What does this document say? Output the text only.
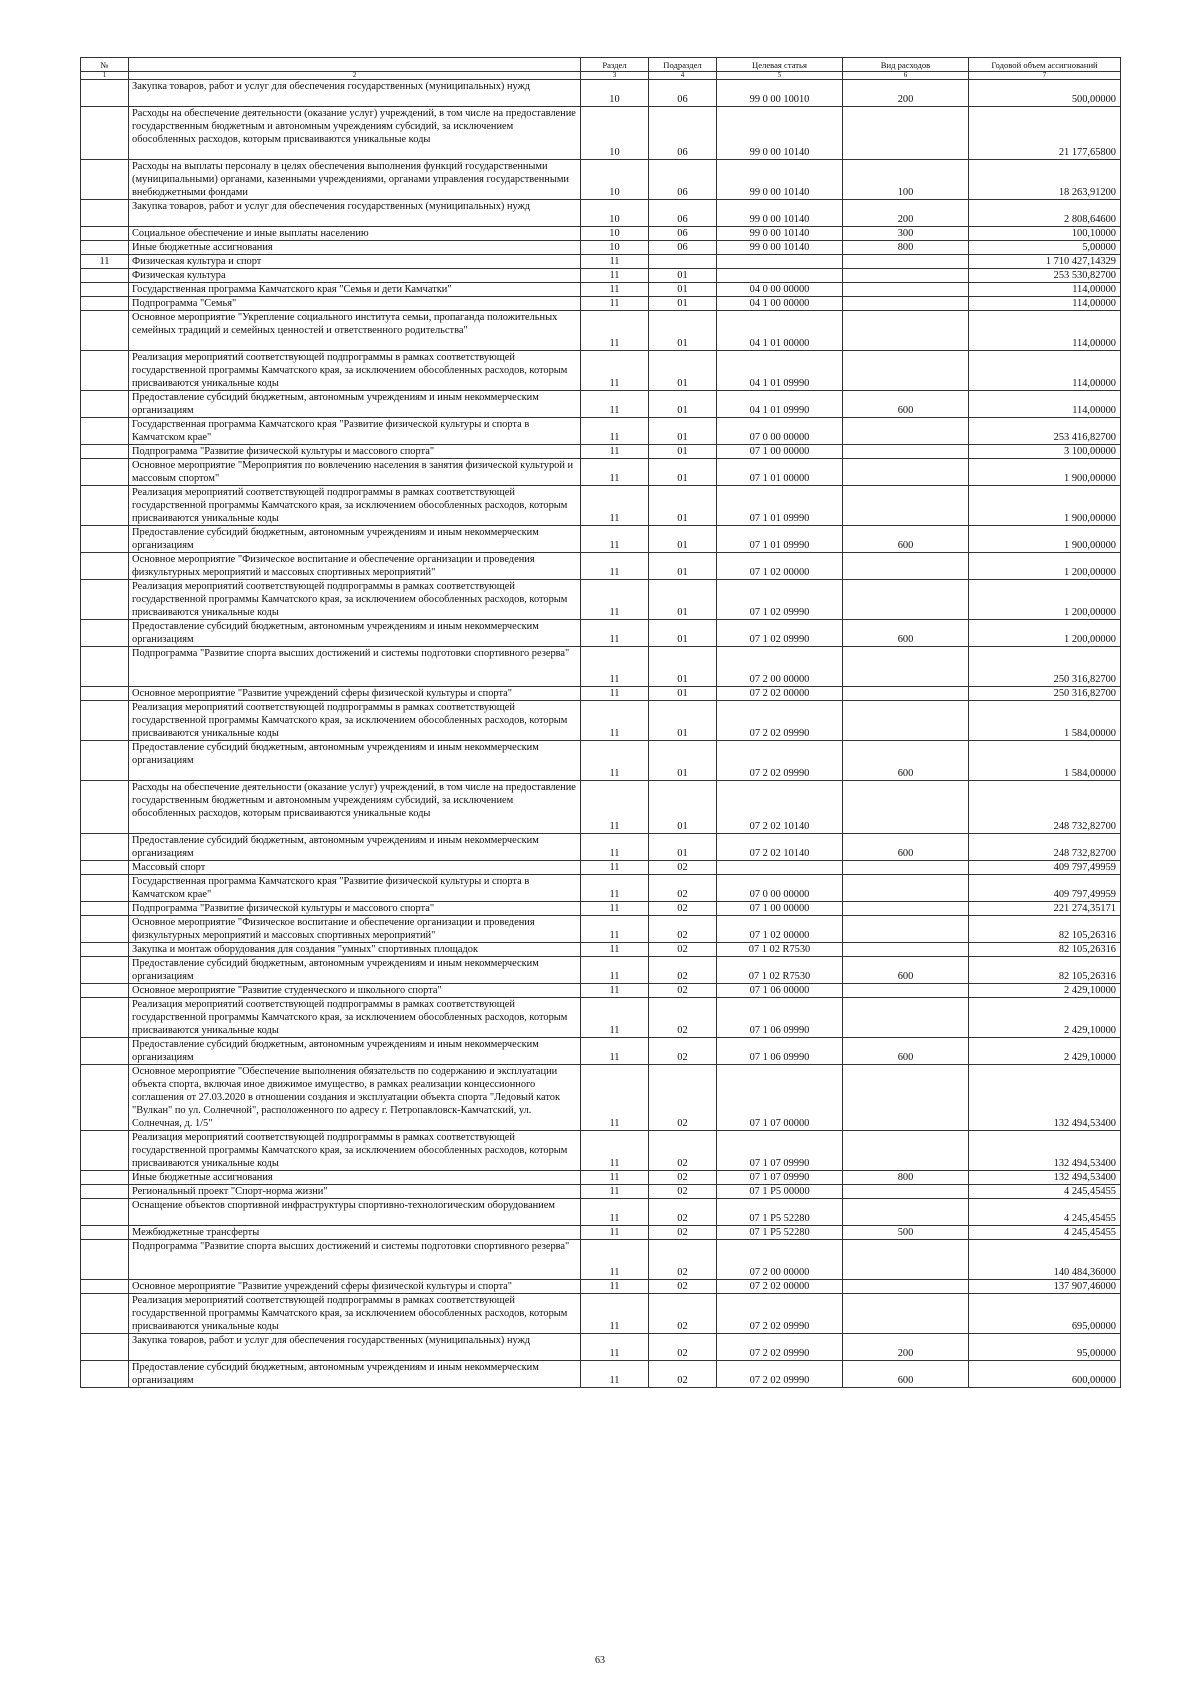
№		Раздел	Подраздел	Целевая статья	Вид расходов	Годовой объем ассигнований
1	2	3	4	5	6	7
	Закупка товаров, работ и услуг для обеспечения государственных (муниципальных) нужд	10	06	99 0 00 10010	200	500,00000
	Расходы на обеспечение деятельности (оказание услуг) учреждений, в том числе на предоставление государственным бюджетным и автономным учреждениям субсидий, за исключением обособленных расходов, которым присваиваются уникальные коды	10	06	99 0 00 10140		21 177,65800
	Расходы на выплаты персоналу в целях обеспечения выполнения функций государственными (муниципальными) органами, казенными учреждениями, органами управления государственными внебюджетными фондами	10	06	99 0 00 10140	100	18 263,91200
	Закупка товаров, работ и услуг для обеспечения государственных (муниципальных) нужд	10	06	99 0 00 10140	200	2 808,64600
	Социальное обеспечение и иные выплаты населению	10	06	99 0 00 10140	300	100,10000
	Иные бюджетные ассигнования	10	06	99 0 00 10140	800	5,00000
11	Физическая культура и спорт	11				1 710 427,14329
	Физическая культура	11	01			253 530,82700
	Государственная программа Камчатского края "Семья и дети Камчатки"	11	01	04 0 00 00000		114,00000
	Подпрограмма "Семья"	11	01	04 1 00 00000		114,00000
	Основное мероприятие "Укрепление социального института семьи, пропаганда положительных семейных традиций и семейных ценностей и ответственного родительства"	11	01	04 1 01 00000		114,00000
	Реализация мероприятий соответствующей подпрограммы в рамках соответствующей государственной программы Камчатского края, за исключением обособленных расходов, которым присваиваются уникальные коды	11	01	04 1 01 09990		114,00000
	Предоставление субсидий бюджетным, автономным учреждениям и иным некоммерческим организациям	11	01	04 1 01 09990	600	114,00000
	Государственная программа Камчатского края "Развитие физической культуры и спорта в Камчатском крае"	11	01	07 0 00 00000		253 416,82700
	Подпрограмма "Развитие физической культуры и массового спорта"	11	01	07 1 00 00000		3 100,00000
	Основное мероприятие "Мероприятия по вовлечению населения в занятия физической культурой и массовым спортом"	11	01	07 1 01 00000		1 900,00000
	Реализация мероприятий соответствующей подпрограммы в рамках соответствующей государственной программы Камчатского края, за исключением обособленных расходов, которым присваиваются уникальные коды	11	01	07 1 01 09990		1 900,00000
	Предоставление субсидий бюджетным, автономным учреждениям и иным некоммерческим организациям	11	01	07 1 01 09990	600	1 900,00000
	Основное мероприятие "Физическое воспитание и обеспечение организации и проведения физкультурных мероприятий и массовых спортивных мероприятий"	11	01	07 1 02 00000		1 200,00000
	Реализация мероприятий соответствующей подпрограммы в рамках соответствующей государственной программы Камчатского края, за исключением обособленных расходов, которым присваиваются уникальные коды	11	01	07 1 02 09990		1 200,00000
	Предоставление субсидий бюджетным, автономным учреждениям и иным некоммерческим организациям	11	01	07 1 02 09990	600	1 200,00000
	Подпрограмма "Развитие спорта высших достижений и системы подготовки спортивного резерва"	11	01	07 2 00 00000		250 316,82700
	Основное мероприятие "Развитие учреждений сферы физической культуры и спорта"	11	01	07 2 02 00000		250 316,82700
	Реализация мероприятий соответствующей подпрограммы в рамках соответствующей государственной программы Камчатского края, за исключением обособленных расходов, которым присваиваются уникальные коды	11	01	07 2 02 09990		1 584,00000
	Предоставление субсидий бюджетным, автономным учреждениям и иным некоммерческим организациям	11	01	07 2 02 09990	600	1 584,00000
	Расходы на обеспечение деятельности (оказание услуг) учреждений, в том числе на предоставление государственным бюджетным и автономным учреждениям субсидий, за исключением обособленных расходов, которым присваиваются уникальные коды	11	01	07 2 02 10140		248 732,82700
	Предоставление субсидий бюджетным, автономным учреждениям и иным некоммерческим организациям	11	01	07 2 02 10140	600	248 732,82700
	Массовый спорт	11	02			409 797,49959
	Государственная программа Камчатского края "Развитие физической культуры и спорта в Камчатском крае"	11	02	07 0 00 00000		409 797,49959
	Подпрограмма "Развитие физической культуры и массового спорта"	11	02	07 1 00 00000		221 274,35171
	Основное мероприятие "Физическое воспитание и обеспечение организации и проведения физкультурных мероприятий и массовых спортивных мероприятий"	11	02	07 1 02 00000		82 105,26316
	Закупка и монтаж оборудования для создания "умных" спортивных площадок	11	02	07 1 02 R7530		82 105,26316
	Предоставление субсидий бюджетным, автономным учреждениям и иным некоммерческим организациям	11	02	07 1 02 R7530	600	82 105,26316
	Основное мероприятие "Развитие студенческого и школьного спорта"	11	02	07 1 06 00000		2 429,10000
	Реализация мероприятий соответствующей подпрограммы в рамках соответствующей государственной программы Камчатского края, за исключением обособленных расходов, которым присваиваются уникальные коды	11	02	07 1 06 09990		2 429,10000
	Предоставление субсидий бюджетным, автономным учреждениям и иным некоммерческим организациям	11	02	07 1 06 09990	600	2 429,10000
	Основное мероприятие "Обеспечение выполнения обязательств по содержанию и эксплуатации объекта спорта, включая иное движимое имущество, в рамках реализации концессионного соглашения от 27.03.2020 в отношении создания и эксплуатации объекта спорта "Ледовый каток "Вулкан" по ул. Солнечной", расположенного по адресу г. Петропавловск-Камчатский, ул. Солнечная, д. 1/5"	11	02	07 1 07 00000		132 494,53400
	Реализация мероприятий соответствующей подпрограммы в рамках соответствующей государственной программы Камчатского края, за исключением обособленных расходов, которым присваиваются уникальные коды	11	02	07 1 07 09990		132 494,53400
	Иные бюджетные ассигнования	11	02	07 1 07 09990	800	132 494,53400
	Региональный проект "Спорт-норма жизни"	11	02	07 1 P5 00000		4 245,45455
	Оснащение объектов спортивной инфраструктуры спортивно-технологическим оборудованием	11	02	07 1 P5 52280		4 245,45455
	Межбюджетные трансферты	11	02	07 1 P5 52280	500	4 245,45455
	Подпрограмма "Развитие спорта высших достижений и системы подготовки спортивного резерва"	11	02	07 2 00 00000		140 484,36000
	Основное мероприятие "Развитие учреждений сферы физической культуры и спорта"	11	02	07 2 02 00000		137 907,46000
	Реализация мероприятий соответствующей подпрограммы в рамках соответствующей государственной программы Камчатского края, за исключением обособленных расходов, которым присваиваются уникальные коды	11	02	07 2 02 09990		695,00000
	Закупка товаров, работ и услуг для обеспечения государственных (муниципальных) нужд	11	02	07 2 02 09990	200	95,00000
	Предоставление субсидий бюджетным, автономным учреждениям и иным некоммерческим организациям	11	02	07 2 02 09990	600	600,00000
63
